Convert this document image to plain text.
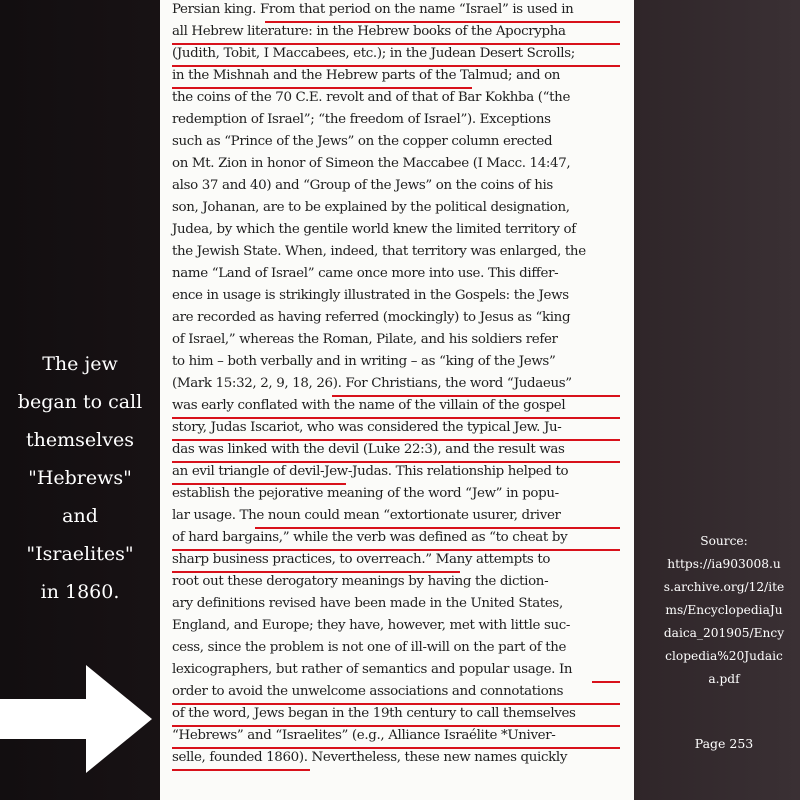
The jew
began to call
themselves
"Hebrews"
and
"Israelites"
in 1860.
Persian king. From that period on the name “Israel” is used in
all Hebrew literature: in the Hebrew books of the Apocrypha
(Judith, Tobit, I Maccabees, etc.); in the Judean Desert Scrolls;
in the Mishnah and the Hebrew parts of the Talmud; and on
the coins of the 70 C.E. revolt and of that of Bar Kokhba (“the
redemption of Israel”; “the freedom of Israel”). Exceptions
such as “Prince of the Jews” on the copper column erected
on Mt. Zion in honor of Simeon the Maccabee (I Macc. 14:47,
also 37 and 40) and “Group of the Jews” on the coins of his
son, Johanan, are to be explained by the political designation,
Judea, by which the gentile world knew the limited territory of
the Jewish State. When, indeed, that territory was enlarged, the
name “Land of Israel” came once more into use. This differ-
ence in usage is strikingly illustrated in the Gospels: the Jews
are recorded as having referred (mockingly) to Jesus as “king
of Israel,” whereas the Roman, Pilate, and his soldiers refer
to him – both verbally and in writing – as “king of the Jews”
(Mark 15:32, 2, 9, 18, 26). For Christians, the word “Judaeus”
was early conflated with the name of the villain of the gospel
story, Judas Iscariot, who was considered the typical Jew. Ju-
das was linked with the devil (Luke 22:3), and the result was
an evil triangle of devil-Jew-Judas. This relationship helped to
establish the pejorative meaning of the word “Jew” in popu-
lar usage. The noun could mean “extortionate usurer, driver
of hard bargains,” while the verb was defined as “to cheat by
sharp business practices, to overreach.” Many attempts to
root out these derogatory meanings by having the diction-
ary definitions revised have been made in the United States,
England, and Europe; they have, however, met with little suc-
cess, since the problem is not one of ill-will on the part of the
lexicographers, but rather of semantics and popular usage. In
order to avoid the unwelcome associations and connotations
of the word, Jews began in the 19th century to call themselves
“Hebrews” and “Israelites” (e.g., Alliance Israélite *Univer-
selle, founded 1860). Nevertheless, these new names quickly
Source:
https://ia903008.u
s.archive.org/12/ite
ms/EncyclopediaJu
daica_201905/Ency
clopedia%20Judaic
a.pdf
Page 253
